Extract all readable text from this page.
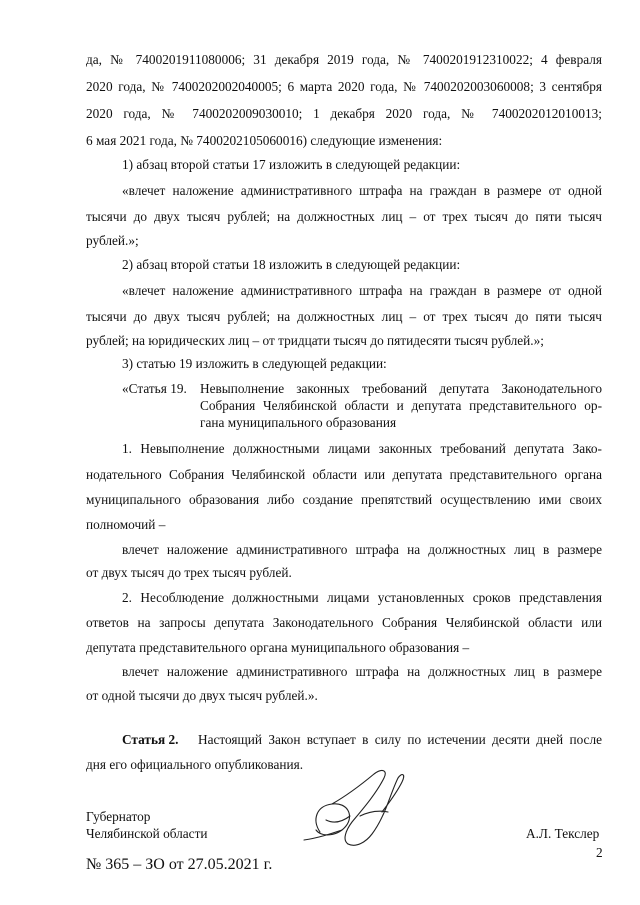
да, № 7400201911080006; 31 декабря 2019 года, № 7400201912310022; 4 февраля

2020 года, № 7400202002040005; 6 марта 2020 года, № 7400202003060008; 3 сентября

2020 года, № 7400202009030010; 1 декабря 2020 года, № 7400202012010013;

6 мая 2021 года, № 7400202105060016) следующие изменения:

1) абзац второй статьи 17 изложить в следующей редакции:

«влечет наложение административного штрафа на граждан в размере от одной

тысячи до двух тысяч рублей; на должностных лиц – от трех тысяч до пяти тысяч

рублей.»;

2) абзац второй статьи 18 изложить в следующей редакции:

«влечет наложение административного штрафа на граждан в размере от одной

тысячи до двух тысяч рублей; на должностных лиц – от трех тысяч до пяти тысяч

рублей; на юридических лиц – от тридцати тысяч до пятидесяти тысяч рублей.»;

3) статью 19 изложить в следующей редакции:

«Статья 19. Невыполнение законных требований депутата Законодательного

Собрания Челябинской области и депутата представительного ор-

гана муниципального образования

1. Невыполнение должностными лицами законных требований депутата Зако-

нодательного Собрания Челябинской области или депутата представительного органа

муниципального образования либо создание препятствий осуществлению ими своих

полномочий –

влечет наложение административного штрафа на должностных лиц в размере

от двух тысяч до трех тысяч рублей.

2. Несоблюдение должностными лицами установленных сроков представления

ответов на запросы депутата Законодательного Собрания Челябинской области или

депутата представительного органа муниципального образования –

влечет наложение административного штрафа на должностных лиц в размере

от одной тысячи до двух тысяч рублей.».

Статья 2. Настоящий Закон вступает в силу по истечении десяти дней после

дня его официального опубликования.

Губернатор

Челябинской области	А.Л. Текслер

2

№ 365 – ЗО от 27.05.2021 г.
